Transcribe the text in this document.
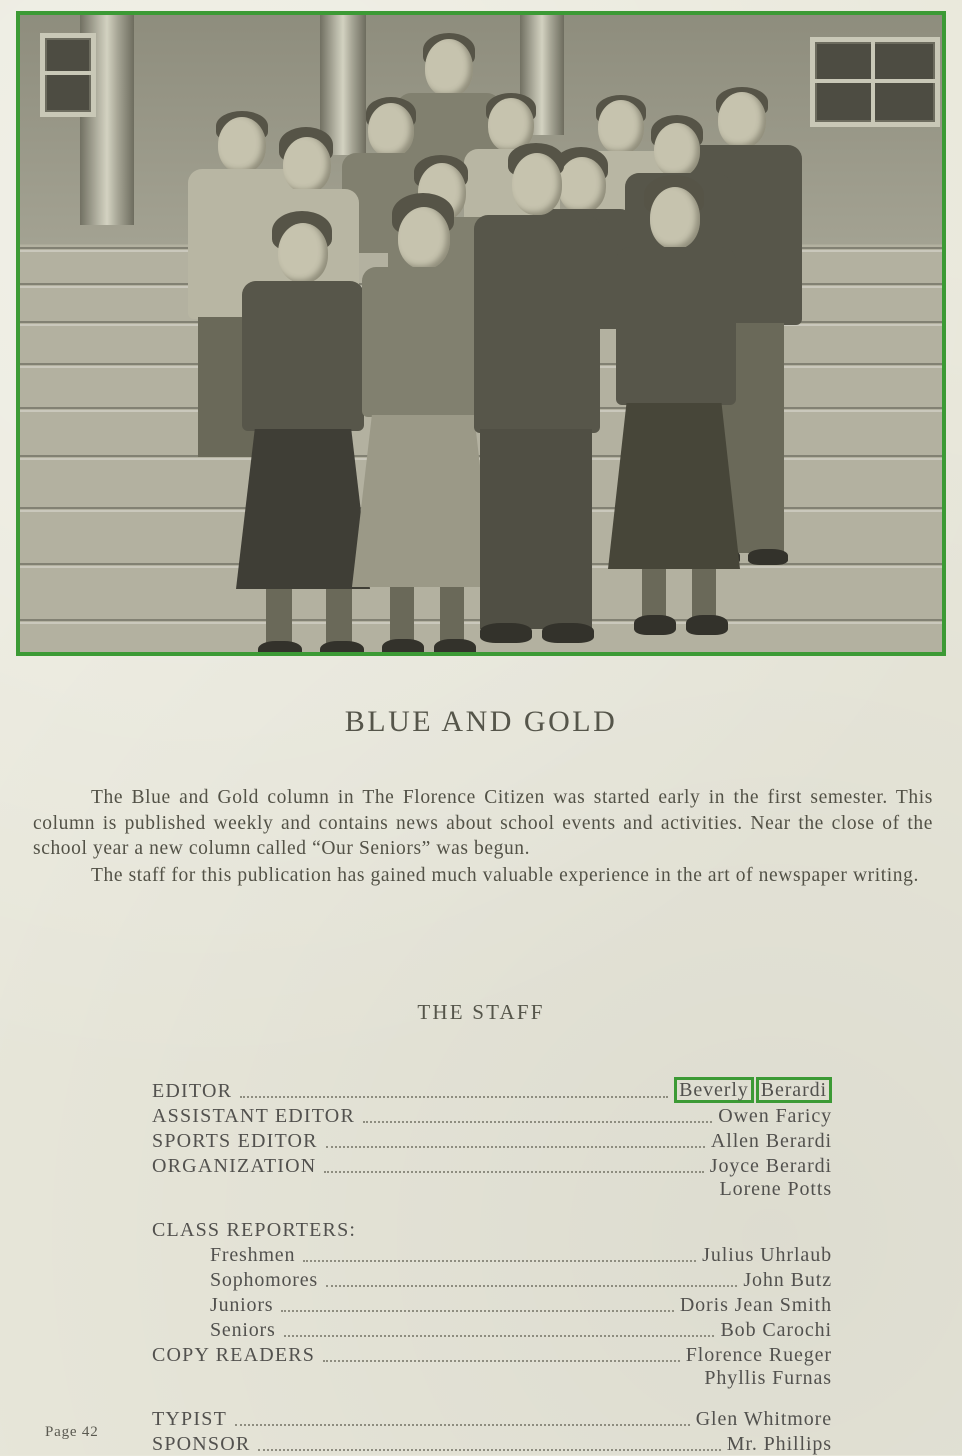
BLUE AND GOLD

The Blue and Gold column in The Florence Citizen was started early in the first semester. This column is published weekly and contains news about school events and activities. Near the close of the school year a new column called “Our Seniors” was begun.

The staff for this publication has gained much valuable experience in the art of newspaper writing.

THE STAFF
EDITOR	Beverly Berardi
ASSISTANT EDITOR	Owen Faricy
SPORTS EDITOR	Allen Berardi
ORGANIZATION	Joyce Berardi
Lorene Potts
CLASS REPORTERS:
Freshmen	Julius Uhrlaub
Sophomores	John Butz
Juniors	Doris Jean Smith
Seniors	Bob Carochi
COPY READERS	Florence Rueger
Phyllis Furnas
TYPIST	Glen Whitmore
SPONSOR	Mr. Phillips
Page 42
